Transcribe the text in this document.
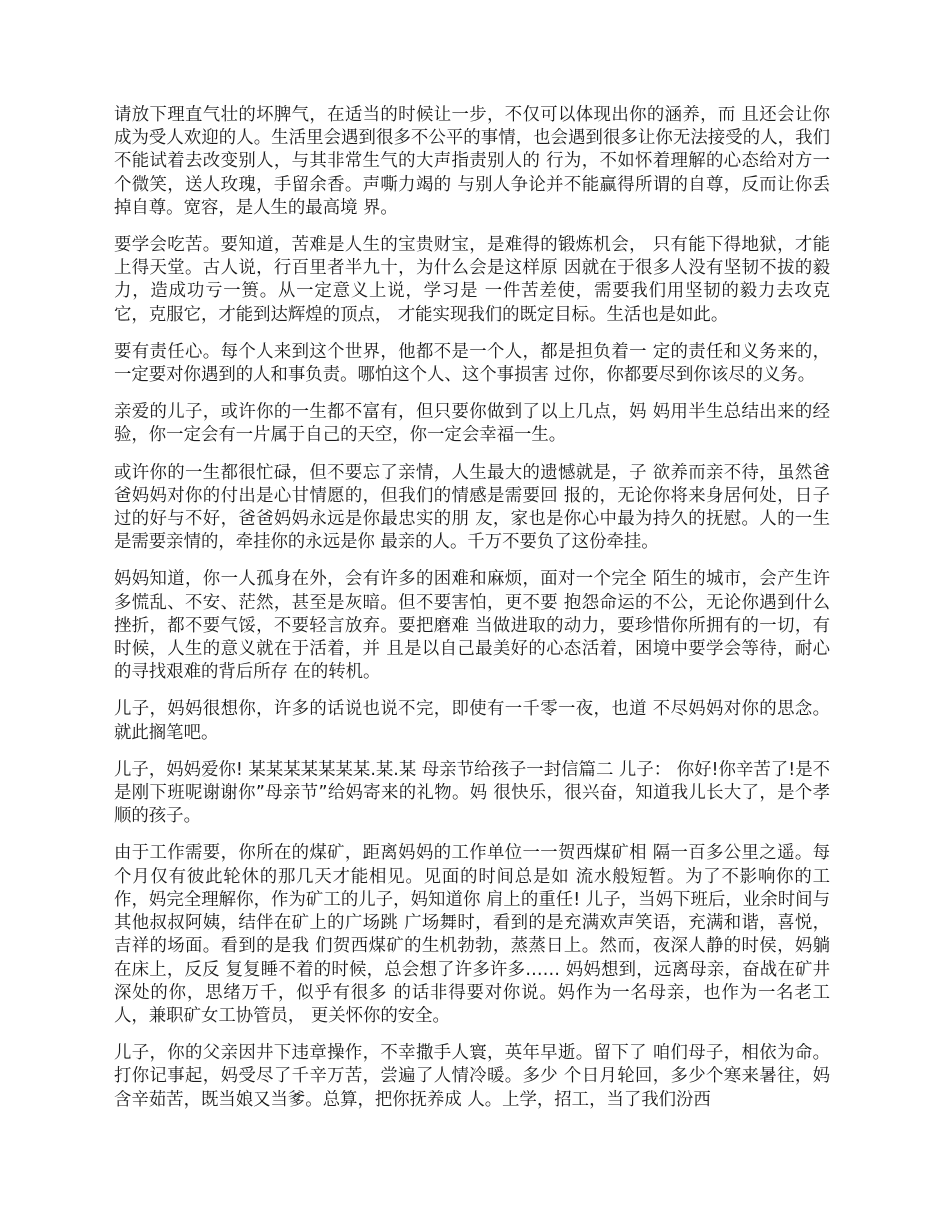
请放下理直气壮的坏脾气，在适当的时候让一步，不仅可以体现出你的涵养，而 且还会让你成为受人欢迎的人。生活里会遇到很多不公平的事情，也会遇到很多让你无法接受的人，我们不能试着去改变别人，与其非常生气的大声指责别人的 行为，不如怀着理解的心态给对方一个微笑，送人玫瑰，手留余香。声嘶力竭的 与别人争论并不能赢得所谓的自尊，反而让你丢掉自尊。宽容，是人生的最高境 界。

要学会吃苦。要知道，苦难是人生的宝贵财宝，是难得的锻炼机会， 只有能下得地狱，才能上得天堂。古人说，行百里者半九十，为什么会是这样原 因就在于很多人没有坚韧不拔的毅力，造成功亏一篑。从一定意义上说，学习是 一件苦差使，需要我们用坚韧的毅力去攻克它，克服它，才能到达辉煌的顶点， 才能实现我们的既定目标。生活也是如此。

要有责任心。每个人来到这个世界，他都不是一个人，都是担负着一 定的责任和义务来的，一定要对你遇到的人和事负责。哪怕这个人、这个事损害 过你，你都要尽到你该尽的义务。

亲爱的儿子，或许你的一生都不富有，但只要你做到了以上几点，妈 妈用半生总结出来的经验，你一定会有一片属于自己的天空，你一定会幸福一生。

或许你的一生都很忙碌，但不要忘了亲情，人生最大的遗憾就是，子 欲养而亲不待，虽然爸爸妈妈对你的付出是心甘情愿的，但我们的情感是需要回 报的，无论你将来身居何处，日子过的好与不好，爸爸妈妈永远是你最忠实的朋 友，家也是你心中最为持久的抚慰。人的一生是需要亲情的，牵挂你的永远是你 最亲的人。千万不要负了这份牵挂。

妈妈知道，你一人孤身在外，会有许多的困难和麻烦，面对一个完全 陌生的城市，会产生许多慌乱、不安、茫然，甚至是灰暗。但不要害怕，更不要 抱怨命运的不公，无论你遇到什么挫折，都不要气馁，不要轻言放弃。要把磨难 当做进取的动力，要珍惜你所拥有的一切，有时候，人生的意义就在于活着，并 且是以自己最美好的心态活着，困境中要学会等待，耐心的寻找艰难的背后所存 在的转机。

儿子，妈妈很想你，许多的话说也说不完，即使有一千零一夜，也道 不尽妈妈对你的思念。就此搁笔吧。

儿子，妈妈爱你! 某某某某某某某.某.某 母亲节给孩子一封信篇二 儿子： 你好!你辛苦了!是不是刚下班呢谢谢你”母亲节”给妈寄来的礼物。妈 很快乐，很兴奋，知道我儿长大了，是个孝顺的孩子。

由于工作需要，你所在的煤矿，距离妈妈的工作单位一一贺西煤矿相 隔一百多公里之遥。每个月仅有彼此轮休的那几天才能相见。见面的时间总是如 流水般短暂。为了不影响你的工作，妈完全理解你，作为矿工的儿子，妈知道你 肩上的重任! 儿子，当妈下班后，业余时间与其他叔叔阿姨，结伴在矿上的广场跳 广场舞时，看到的是充满欢声笑语，充满和谐，喜悦，吉祥的场面。看到的是我 们贺西煤矿的生机勃勃，蒸蒸日上。然而，夜深人静的时侯，妈躺在床上，反反 复复睡不着的时候，总会想了许多许多…… 妈妈想到，远离母亲，奋战在矿井深处的你，思绪万千，似乎有很多 的话非得要对你说。妈作为一名母亲，也作为一名老工人，兼职矿女工协管员， 更关怀你的安全。

儿子，你的父亲因井下违章操作，不幸撒手人寰，英年早逝。留下了 咱们母子，相依为命。打你记事起，妈受尽了千辛万苦，尝遍了人情冷暖。多少 个日月轮回，多少个寒来暑往，妈含辛茹苦，既当娘又当爹。总算，把你抚养成 人。上学，招工，当了我们汾西
